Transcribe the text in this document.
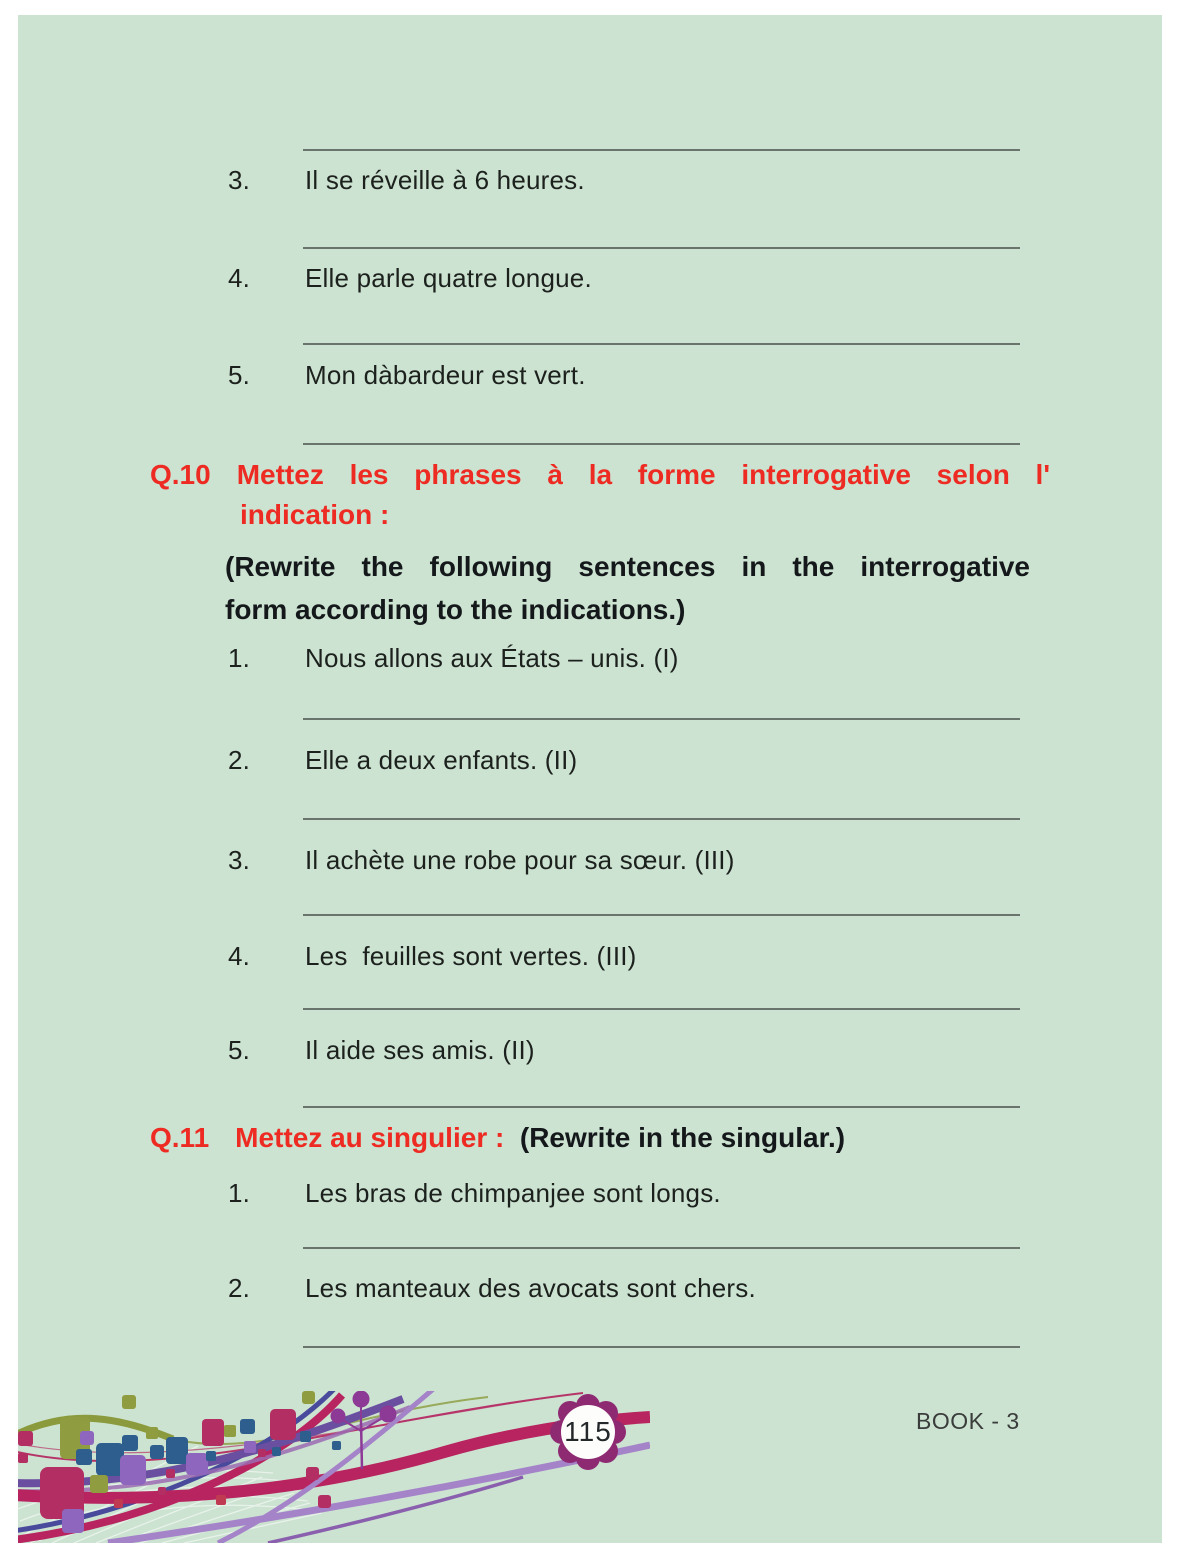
3.	Il se réveille à 6 heures.
4.	Elle parle quatre longue.
5.	Mon dàbardeur est vert.
Q.10 Mettez les phrases à la forme interrogative selon l'
indication :
(Rewrite the following sentences in the interrogative
form according to the indications.)
1.	Nous allons aux États – unis. (I)
2.	Elle a deux enfants. (II)
3.	Il achète une robe pour sa sœur. (III)
4.	Les  feuilles sont vertes. (III)
5.	Il aide ses amis. (II)
Q.11 Mettez au singulier : (Rewrite in the singular.)
1.	Les bras de chimpanjee sont longs.
2.	Les manteaux des avocats sont chers.
115	BOOK - 3
